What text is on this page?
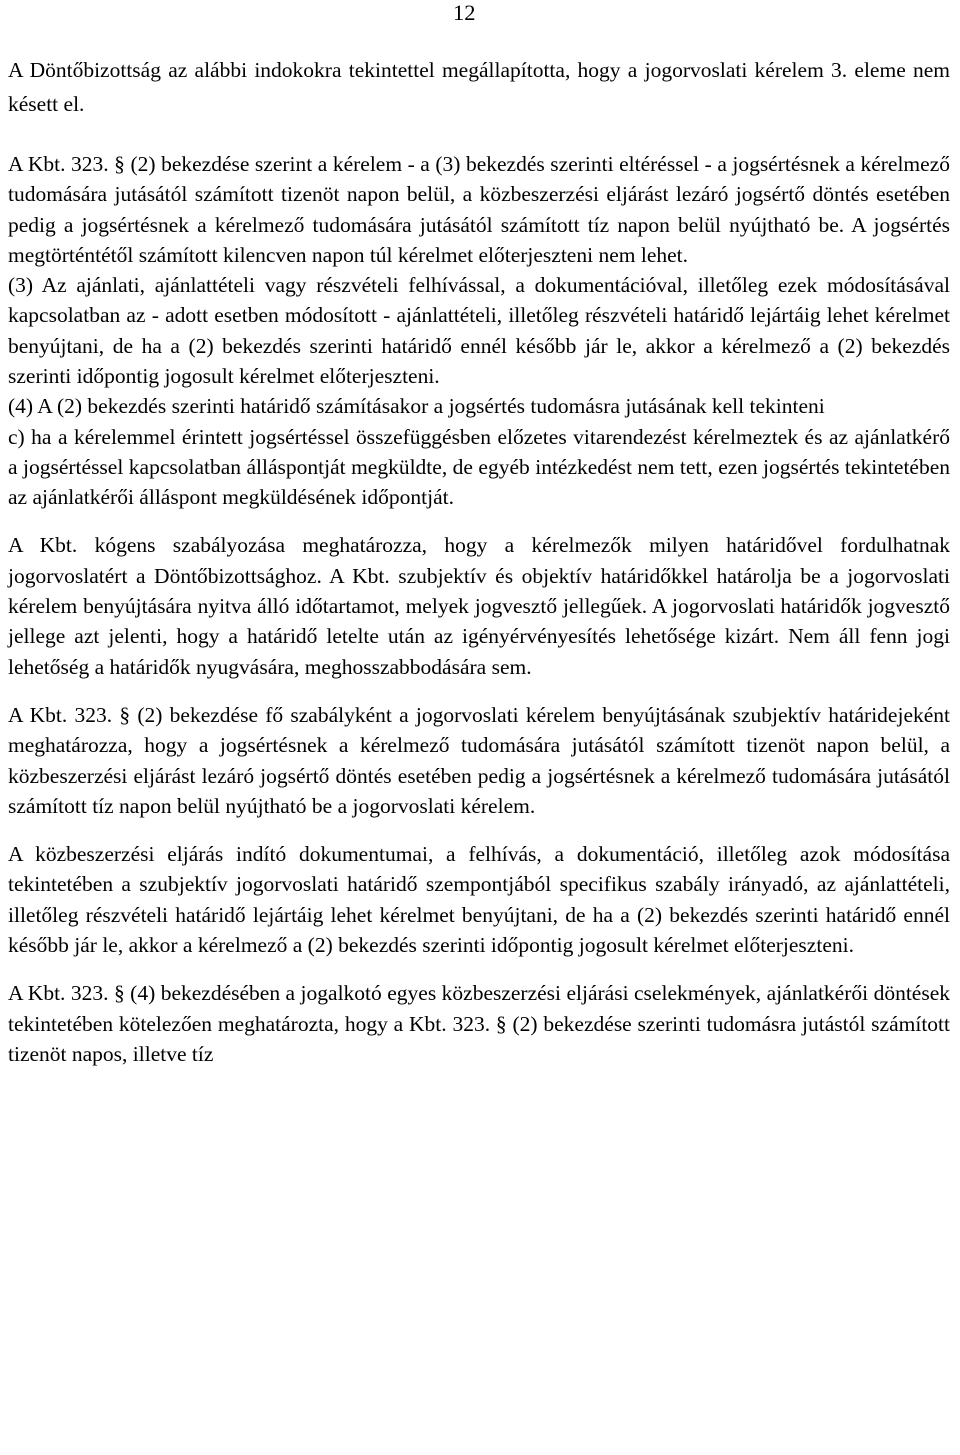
12

A Döntőbizottság az alábbi indokokra tekintettel megállapította, hogy a jogorvoslati kérelem 3. eleme nem késett el.

A Kbt. 323. § (2) bekezdése szerint a kérelem - a (3) bekezdés szerinti eltéréssel - a jogsértésnek a kérelmező tudomására jutásától számított tizenöt napon belül, a közbeszerzési eljárást lezáró jogsértő döntés esetében pedig a jogsértésnek a kérelmező tudomására jutásától számított tíz napon belül nyújtható be. A jogsértés megtörténtétől számított kilencven napon túl kérelmet előterjeszteni nem lehet.

(3) Az ajánlati, ajánlattételi vagy részvételi felhívással, a dokumentációval, illetőleg ezek módosításával kapcsolatban az - adott esetben módosított - ajánlattételi, illetőleg részvételi határidő lejártáig lehet kérelmet benyújtani, de ha a (2) bekezdés szerinti határidő ennél később jár le, akkor a kérelmező a (2) bekezdés szerinti időpontig jogosult kérelmet előterjeszteni.

(4) A (2) bekezdés szerinti határidő számításakor a jogsértés tudomásra jutásának kell tekinteni

c) ha a kérelemmel érintett jogsértéssel összefüggésben előzetes vitarendezést kérelmeztek és az ajánlatkérő a jogsértéssel kapcsolatban álláspontját megküldte, de egyéb intézkedést nem tett, ezen jogsértés tekintetében az ajánlatkérői álláspont megküldésének időpontját.

A Kbt. kógens szabályozása meghatározza, hogy a kérelmezők milyen határidővel fordulhatnak jogorvoslatért a Döntőbizottsághoz. A Kbt. szubjektív és objektív határidőkkel határolja be a jogorvoslati kérelem benyújtására nyitva álló időtartamot, melyek jogvesztő jellegűek. A jogorvoslati határidők jogvesztő jellege azt jelenti, hogy a határidő letelte után az igényérvényesítés lehetősége kizárt. Nem áll fenn jogi lehetőség a határidők nyugvására, meghosszabbodására sem.

A Kbt. 323. § (2) bekezdése fő szabályként a jogorvoslati kérelem benyújtásának szubjektív határidejeként meghatározza, hogy a jogsértésnek a kérelmező tudomására jutásától számított tizenöt napon belül, a közbeszerzési eljárást lezáró jogsértő döntés esetében pedig a jogsértésnek a kérelmező tudomására jutásától számított tíz napon belül nyújtható be a jogorvoslati kérelem.

A közbeszerzési eljárás indító dokumentumai, a felhívás, a dokumentáció, illetőleg azok módosítása tekintetében a szubjektív jogorvoslati határidő szempontjából specifikus szabály irányadó, az ajánlattételi, illetőleg részvételi határidő lejártáig lehet kérelmet benyújtani, de ha a (2) bekezdés szerinti határidő ennél később jár le, akkor a kérelmező a (2) bekezdés szerinti időpontig jogosult kérelmet előterjeszteni.

A Kbt. 323. § (4) bekezdésében a jogalkotó egyes közbeszerzési eljárási cselekmények, ajánlatkérői döntések tekintetében kötelezően meghatározta, hogy a Kbt. 323. § (2) bekezdése szerinti tudomásra jutástól számított tizenöt napos, illetve tíz
